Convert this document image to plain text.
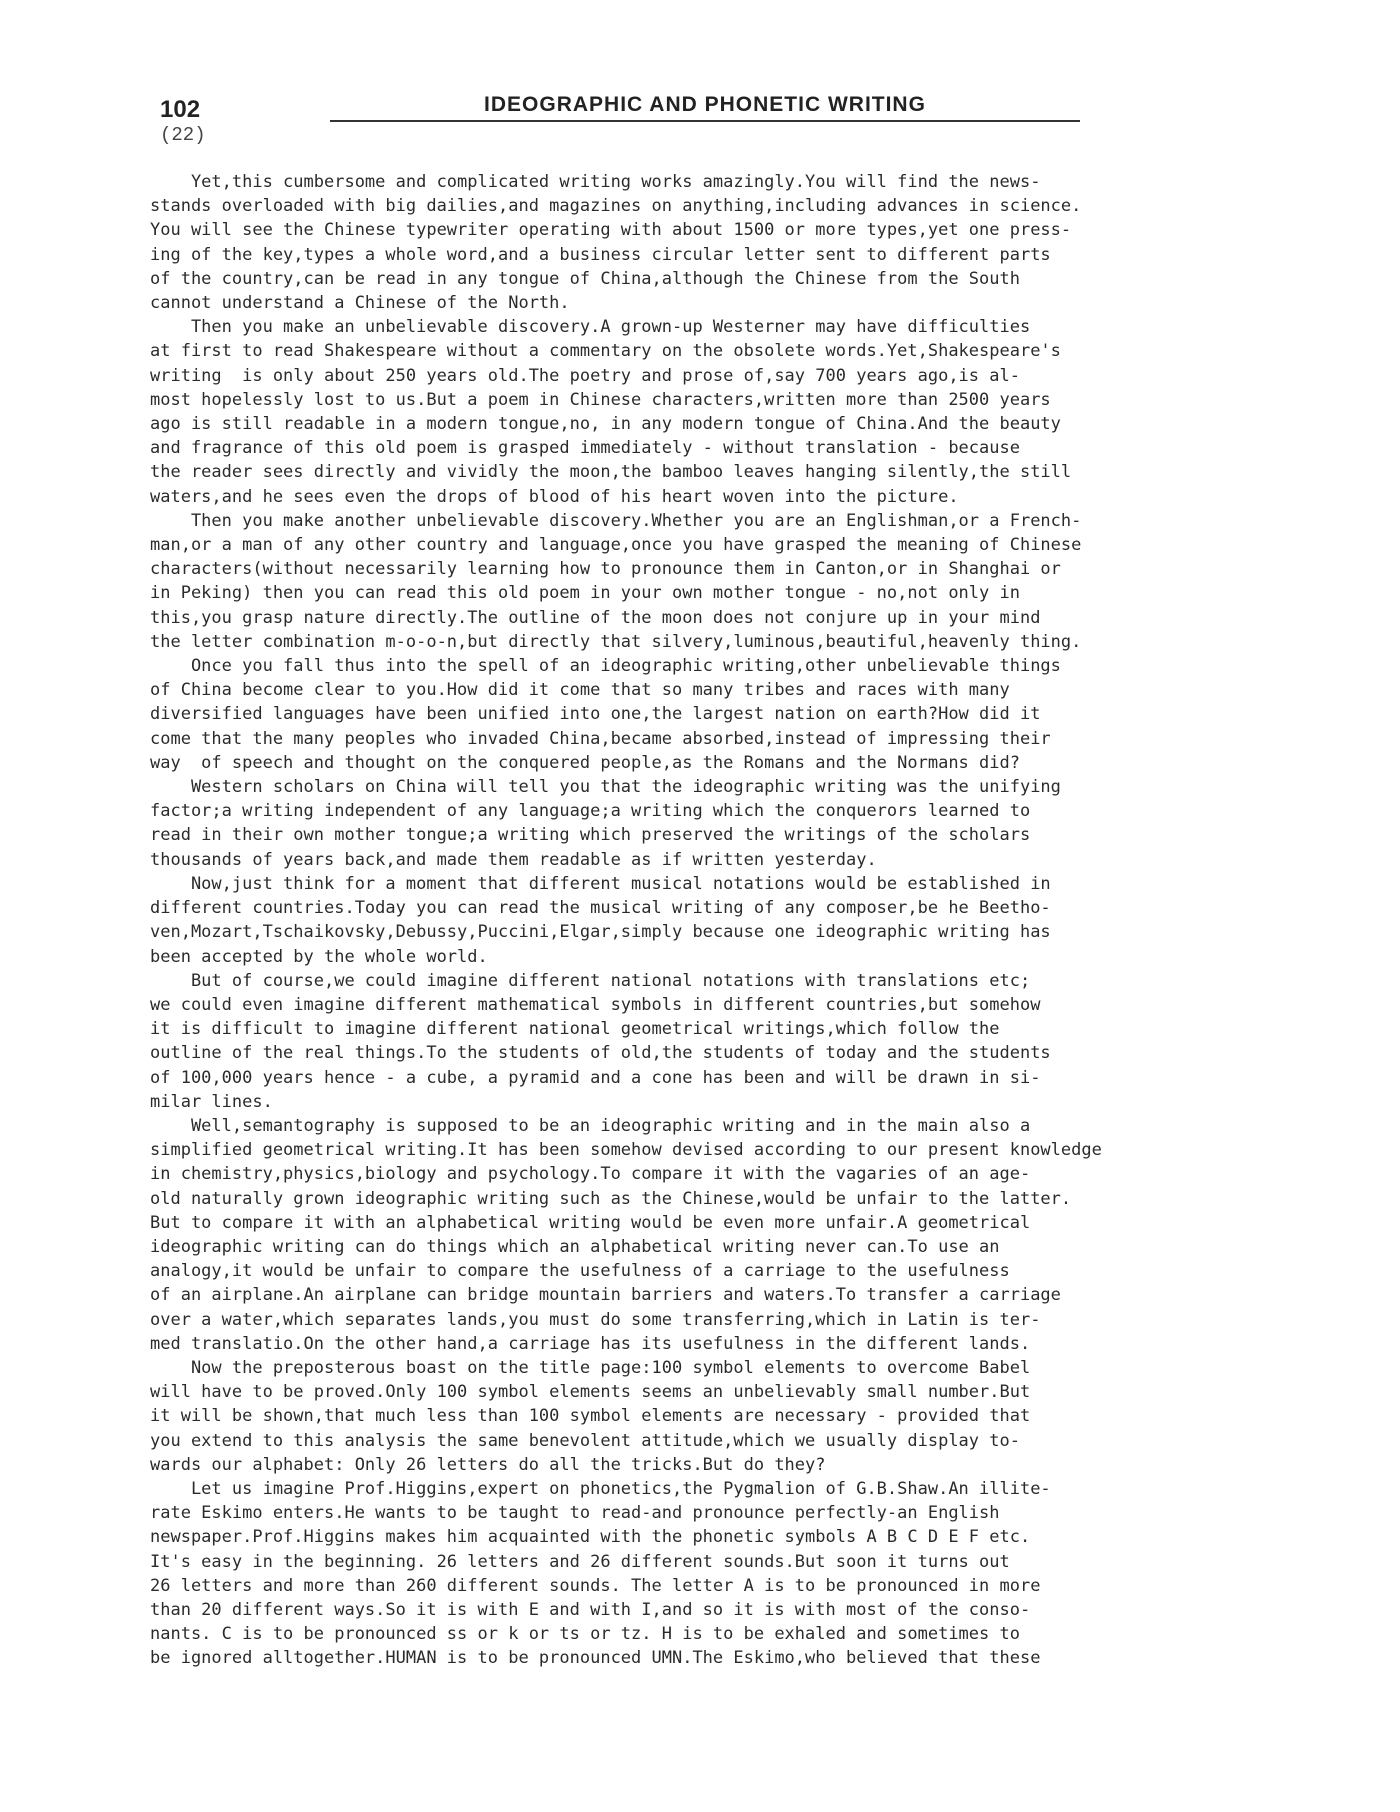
102
(22)
IDEOGRAPHIC AND PHONETIC WRITING

Yet,this cumbersome and complicated writing works amazingly.You will find the news-

stands overloaded with big dailies,and magazines on anything,including advances in science.

You will see the Chinese typewriter operating with about 1500 or more types,yet one press-

ing of the key,types a whole word,and a business circular letter sent to different parts

of the country,can be read in any tongue of China,although the Chinese from the South

cannot understand a Chinese of the North.

Then you make an unbelievable discovery.A grown-up Westerner may have difficulties

at first to read Shakespeare without a commentary on the obsolete words.Yet,Shakespeare's

writing  is only about 250 years old.The poetry and prose of,say 700 years ago,is al-

most hopelessly lost to us.But a poem in Chinese characters,written more than 2500 years

ago is still readable in a modern tongue,no, in any modern tongue of China.And the beauty

and fragrance of this old poem is grasped immediately - without translation - because

the reader sees directly and vividly the moon,the bamboo leaves hanging silently,the still

waters,and he sees even the drops of blood of his heart woven into the picture.

Then you make another unbelievable discovery.Whether you are an Englishman,or a French-

man,or a man of any other country and language,once you have grasped the meaning of Chinese

characters(without necessarily learning how to pronounce them in Canton,or in Shanghai or

in Peking) then you can read this old poem in your own mother tongue - no,not only in

this,you grasp nature directly.The outline of the moon does not conjure up in your mind

the letter combination m-o-o-n,but directly that silvery,luminous,beautiful,heavenly thing.

Once you fall thus into the spell of an ideographic writing,other unbelievable things

of China become clear to you.How did it come that so many tribes and races with many

diversified languages have been unified into one,the largest nation on earth?How did it

come that the many peoples who invaded China,became absorbed,instead of impressing their

way  of speech and thought on the conquered people,as the Romans and the Normans did?

Western scholars on China will tell you that the ideographic writing was the unifying

factor;a writing independent of any language;a writing which the conquerors learned to

read in their own mother tongue;a writing which preserved the writings of the scholars

thousands of years back,and made them readable as if written yesterday.

Now,just think for a moment that different musical notations would be established in

different countries.Today you can read the musical writing of any composer,be he Beetho-

ven,Mozart,Tschaikovsky,Debussy,Puccini,Elgar,simply because one ideographic writing has

been accepted by the whole world.

But of course,we could imagine different national notations with translations etc;

we could even imagine different mathematical symbols in different countries,but somehow

it is difficult to imagine different national geometrical writings,which follow the

outline of the real things.To the students of old,the students of today and the students

of 100,000 years hence - a cube, a pyramid and a cone has been and will be drawn in si-

milar lines.

Well,semantography is supposed to be an ideographic writing and in the main also a

simplified geometrical writing.It has been somehow devised according to our present knowledge

in chemistry,physics,biology and psychology.To compare it with the vagaries of an age-

old naturally grown ideographic writing such as the Chinese,would be unfair to the latter.

But to compare it with an alphabetical writing would be even more unfair.A geometrical

ideographic writing can do things which an alphabetical writing never can.To use an

analogy,it would be unfair to compare the usefulness of a carriage to the usefulness

of an airplane.An airplane can bridge mountain barriers and waters.To transfer a carriage

over a water,which separates lands,you must do some transferring,which in Latin is ter-

med translatio.On the other hand,a carriage has its usefulness in the different lands.

Now the preposterous boast on the title page:100 symbol elements to overcome Babel

will have to be proved.Only 100 symbol elements seems an unbelievably small number.But

it will be shown,that much less than 100 symbol elements are necessary - provided that

you extend to this analysis the same benevolent attitude,which we usually display to-

wards our alphabet: Only 26 letters do all the tricks.But do they?

Let us imagine Prof.Higgins,expert on phonetics,the Pygmalion of G.B.Shaw.An illite-

rate Eskimo enters.He wants to be taught to read-and pronounce perfectly-an English

newspaper.Prof.Higgins makes him acquainted with the phonetic symbols A B C D E F etc.

It's easy in the beginning. 26 letters and 26 different sounds.But soon it turns out

26 letters and more than 260 different sounds. The letter A is to be pronounced in more

than 20 different ways.So it is with E and with I,and so it is with most of the conso-

nants. C is to be pronounced ss or k or ts or tz. H is to be exhaled and sometimes to

be ignored alltogether.HUMAN is to be pronounced UMN.The Eskimo,who believed that these
